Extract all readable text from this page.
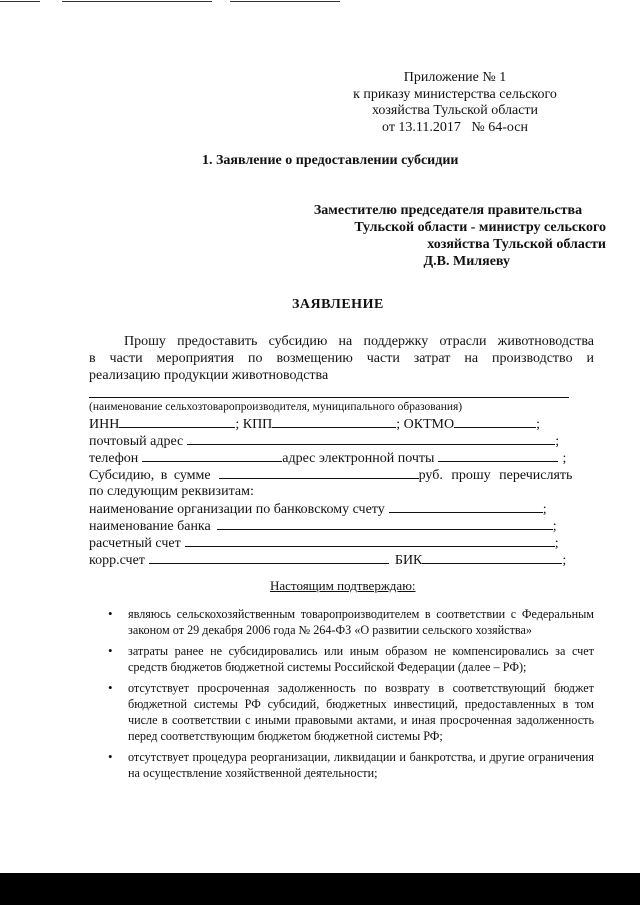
Приложение № 1
к приказу министерства сельского
хозяйства Тульской области
от 13.11.2017   № 64-осн
1. Заявление о предоставлении субсидии
Заместителю председателя правительства
Тульской области - министру сельского
хозяйства Тульской области
Д.В. Миляеву
ЗАЯВЛЕНИЕ
Прошу предоставить субсидию на поддержку отрасли животноводства
в части мероприятия по возмещению части затрат на производство и
реализацию продукции животноводства
(наименование сельхозтоваропроизводителя, муниципального образования)
ИНН	; КПП	; ОКТМО	;
почтовый адрес	;
телефон	адрес электронной почты	;
Субсидию, в сумме	руб. прошу перечислять
по следующим реквизитам:
наименование организации по банковскому счету	;
наименование банка	;
расчетный счет	;
корр.счет	БИК	;
Настоящим подтверждаю:
• являюсь сельскохозяйственным товаропроизводителем в соответствии с Федеральным законом от 29 декабря 2006 года № 264-ФЗ «О развитии сельского хозяйства»
• затраты ранее не субсидировались или иным образом не компенсировались за счет средств бюджетов бюджетной системы Российской Федерации (далее – РФ);
• отсутствует просроченная задолженность по возврату в соответствующий бюджет бюджетной системы РФ субсидий, бюджетных инвестиций, предоставленных в том числе в соответствии с иными правовыми актами, и иная просроченная задолженность перед соответствующим бюджетом бюджетной системы РФ;
• отсутствует процедура реорганизации, ликвидации и банкротства, и другие ограничения на осуществление хозяйственной деятельности;
